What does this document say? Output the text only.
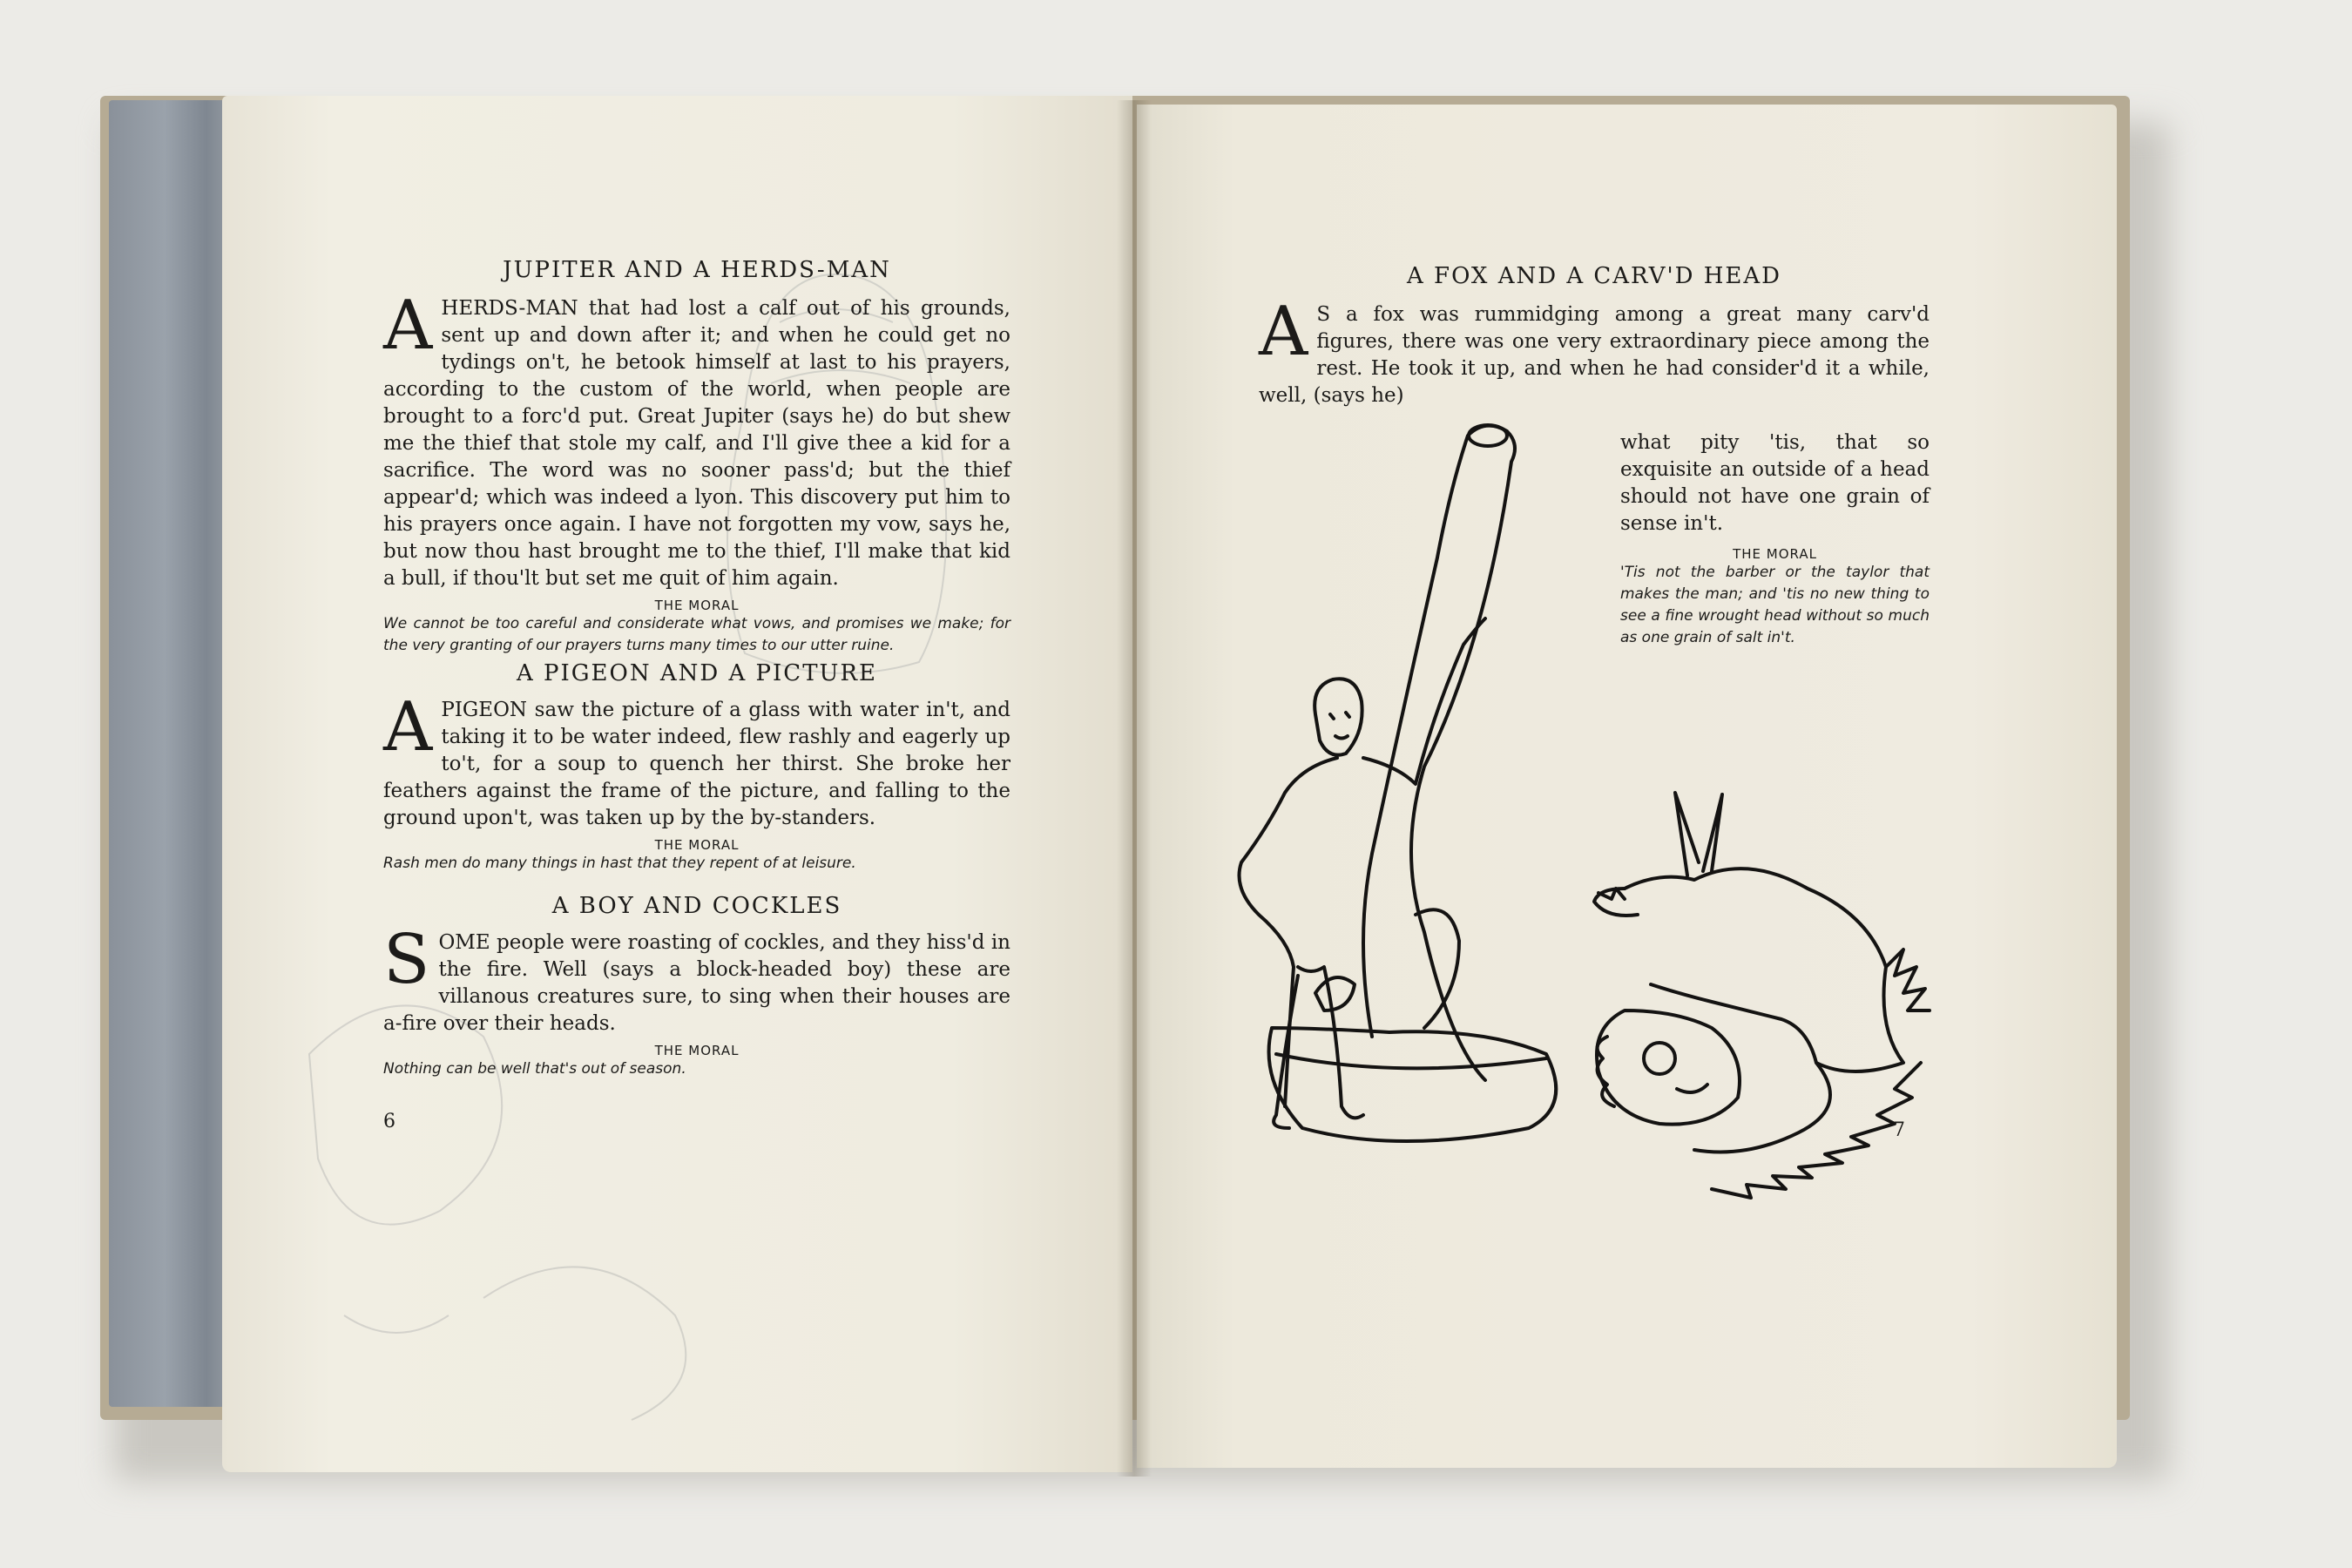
JUPITER AND A HERDS-MAN
AHERDS-MAN that had lost a calf out of his grounds, sent up and down after it; and when he could get no tydings on't, he betook himself at last to his prayers, according to the custom of the world, when people are brought to a forc'd put. Great Jupiter (says he) do but shew me the thief that stole my calf, and I'll give thee a kid for a sacrifice. The word was no sooner pass'd; but the thief appear'd; which was indeed a lyon. This discovery put him to his prayers once again. I have not forgotten my vow, says he, but now thou hast brought me to the thief, I'll make that kid a bull, if thou'lt but set me quit of him again.
THE MORAL
We cannot be too careful and considerate what vows, and promises we make; for the very granting of our prayers turns many times to our utter ruine.
A PIGEON AND A PICTURE
APIGEON saw the picture of a glass with water in't, and taking it to be water indeed, flew rashly and eagerly up to't, for a soup to quench her thirst. She broke her feathers against the frame of the picture, and falling to the ground upon't, was taken up by the by-standers.
THE MORAL
Rash men do many things in hast that they repent of at leisure.
A BOY AND COCKLES
SOME people were roasting of cockles, and they hiss'd in the fire. Well (says a block-headed boy) these are villanous creatures sure, to sing when their houses are a-fire over their heads.
THE MORAL
Nothing can be well that's out of season.
6
A FOX AND A CARV'D HEAD
A S a fox was rummidging among a great many carv'd figures, there was one very extraordinary piece among the rest. He took it up, and when he had consider'd it a while, well, (says he)
what pity 'tis, that so exquisite an outside of a head should not have one grain of sense in't.
THE MORAL
'Tis not the barber or the taylor that makes the man; and 'tis no new thing to see a fine wrought head without so much as one grain of salt in't.
7
